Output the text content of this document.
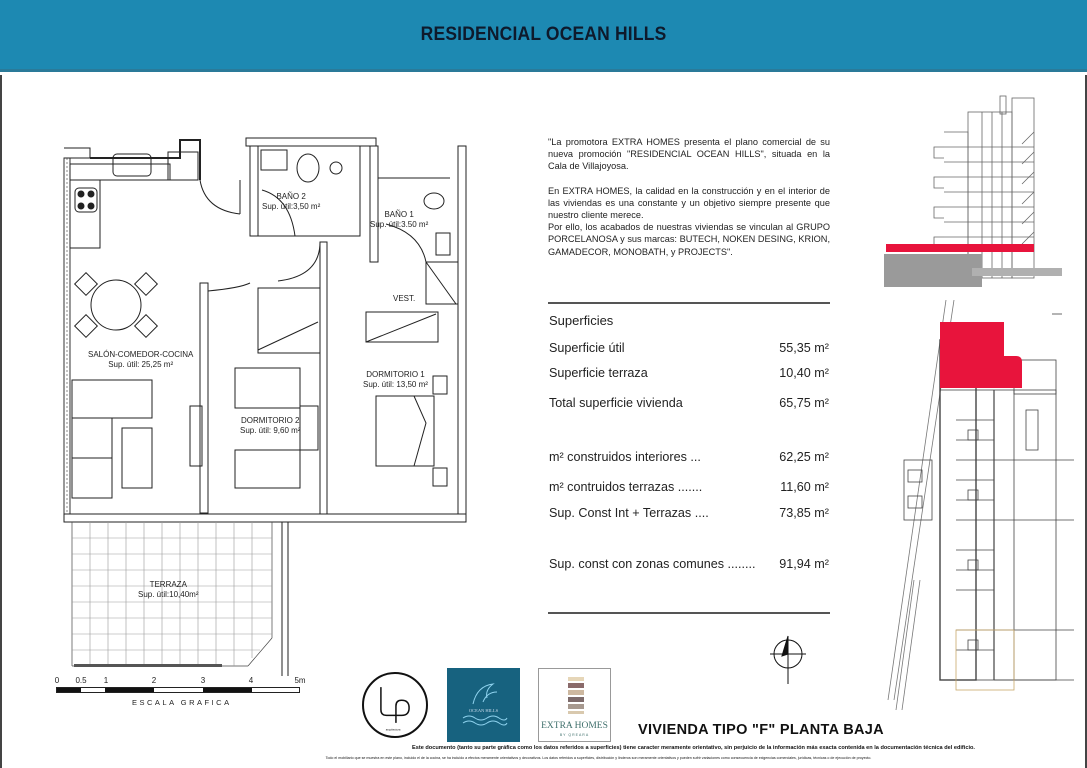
RESIDENCIAL OCEAN HILLS
BAÑO 2
Sup. útil:3,50 m²
BAÑO 1
Sup. útil:3.50 m²
VEST.
SALÓN-COMEDOR-COCINA
Sup. útil: 25,25 m²
DORMITORIO 2
Sup. útil: 9,60 m²
DORMITORIO 1
Sup. útil: 13,50 m²
TERRAZA
Sup. útil:10,40m²
0 0.5 1	2	3	4	5m
ESCALA GRAFICA

"La promotora EXTRA HOMES presenta el plano comercial de su nueva promoción "RESIDENCIAL OCEAN HILLS", situada en la Cala de Villajoyosa.

En EXTRA HOMES, la calidad en la construcción y en el interior de las viviendas es una constante y un objetivo siempre presente que nuestro cliente merece.

Por ello, los acabados de nuestras viviendas se vinculan al GRUPO PORCELANOSA y sus marcas: BUTECH, NOKEN DESING, KRION, GAMADECOR, MONOBATH, y PROJECTS".

Superficies
Superficie útil	55,35 m²
Superficie terraza	10,40 m²
Total superficie vivienda	65,75 m²
m² construidos interiores ...	62,25 m²
m² contruidos terrazas .......	11,60 m²
Sup. Const Int + Terrazas ....	73,85 m²
Sup. const con zonas comunes ........ 91,94 m²
arquitectura
OCEAN HILLS
EXTRA HOMES
BY QREARA	VIVIENDA TIPO "F" PLANTA BAJA
Este documento (tanto su parte gráfica como los datos referidos a superficies) tiene caracter meramente orientativo, sin perjuicio de la información más exacta contenida en la documentación técnica del edificio.
Todo el mobiliario que se muestra en este plano, incluido el de la cocina, se ha incluido a efectos meramente orientativos y decorativos. Los datos referidos a superficies, distribución y linderos son meramente orientativos y pueden sufrir variaciones como consecuencia de exigencias comerciales, jurídicas, técnicas o de ejecución de proyecto.
